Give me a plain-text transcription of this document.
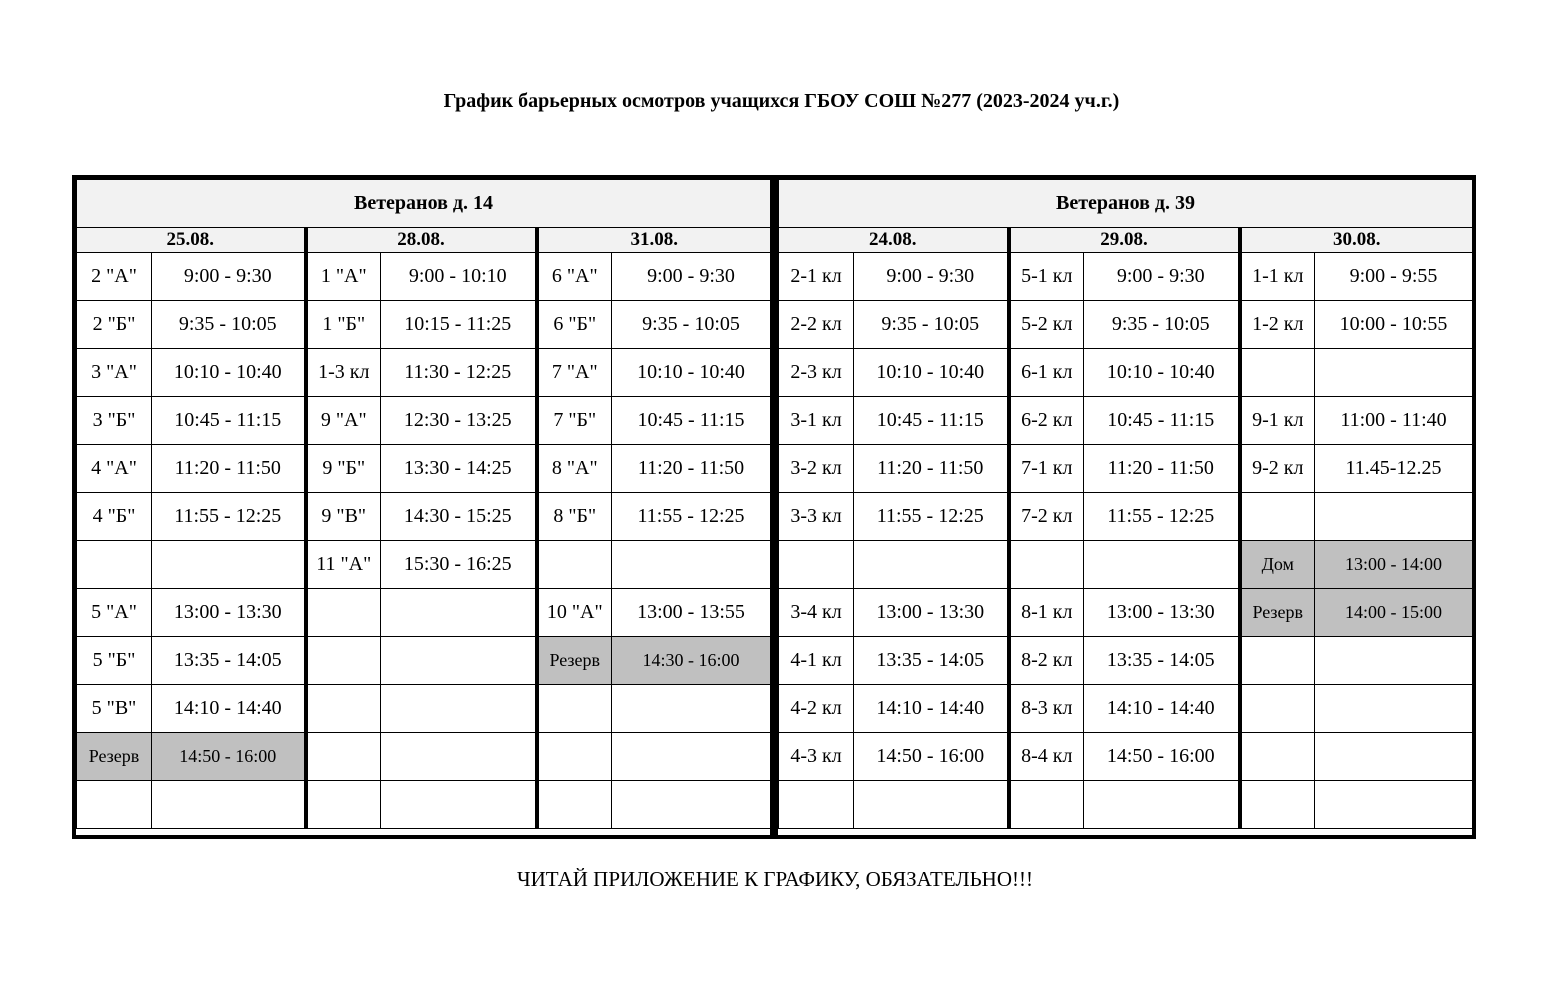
График барьерных осмотров учащихся ГБОУ СОШ №277 (2023-2024 уч.г.)
Ветеранов д. 14					
25.08.		28.08.		31.08.	
2 "А"	9:00 - 9:30	1 "А"	9:00 - 10:10	6 "А"	9:00 - 9:30
2 "Б"	9:35 - 10:05	1 "Б"	10:15 - 11:25	6 "Б"	9:35 - 10:05
3 "А"	10:10 - 10:40	1-3 кл	11:30 - 12:25	7 "А"	10:10 - 10:40
3 "Б"	10:45 - 11:15	9 "А"	12:30 - 13:25	7 "Б"	10:45 - 11:15
4 "А"	11:20 - 11:50	9 "Б"	13:30 - 14:25	8 "А"	11:20 - 11:50
4 "Б"	11:55 - 12:25	9 "В"	14:30 - 15:25	8 "Б"	11:55 - 12:25
		11 "А"	15:30 - 16:25		
5 "А"	13:00 - 13:30			10 "А"	13:00 - 13:55
5 "Б"	13:35 - 14:05			Резерв	14:30 - 16:00
5 "В"	14:10 - 14:40				
Резерв	14:50 - 16:00				

Ветеранов д. 39					
24.08.		29.08.		30.08.	
2-1 кл	9:00 - 9:30	5-1 кл	9:00 - 9:30	1-1 кл	9:00 - 9:55
2-2 кл	9:35 - 10:05	5-2 кл	9:35 - 10:05	1-2 кл	10:00 - 10:55
2-3 кл	10:10 - 10:40	6-1 кл	10:10 - 10:40		
3-1 кл	10:45 - 11:15	6-2 кл	10:45 - 11:15	9-1 кл	11:00 - 11:40
3-2 кл	11:20 - 11:50	7-1 кл	11:20 - 11:50	9-2 кл	11.45-12.25
3-3 кл	11:55 - 12:25	7-2 кл	11:55 - 12:25		
				Дом	13:00 - 14:00
3-4 кл	13:00 - 13:30	8-1 кл	13:00 - 13:30	Резерв	14:00 - 15:00
4-1 кл	13:35 - 14:05	8-2 кл	13:35 - 14:05		
4-2 кл	14:10 - 14:40	8-3 кл	14:10 - 14:40		
4-3 кл	14:50 - 16:00	8-4 кл	14:50 - 16:00		

ЧИТАЙ ПРИЛОЖЕНИЕ К ГРАФИКУ, ОБЯЗАТЕЛЬНО!!!
